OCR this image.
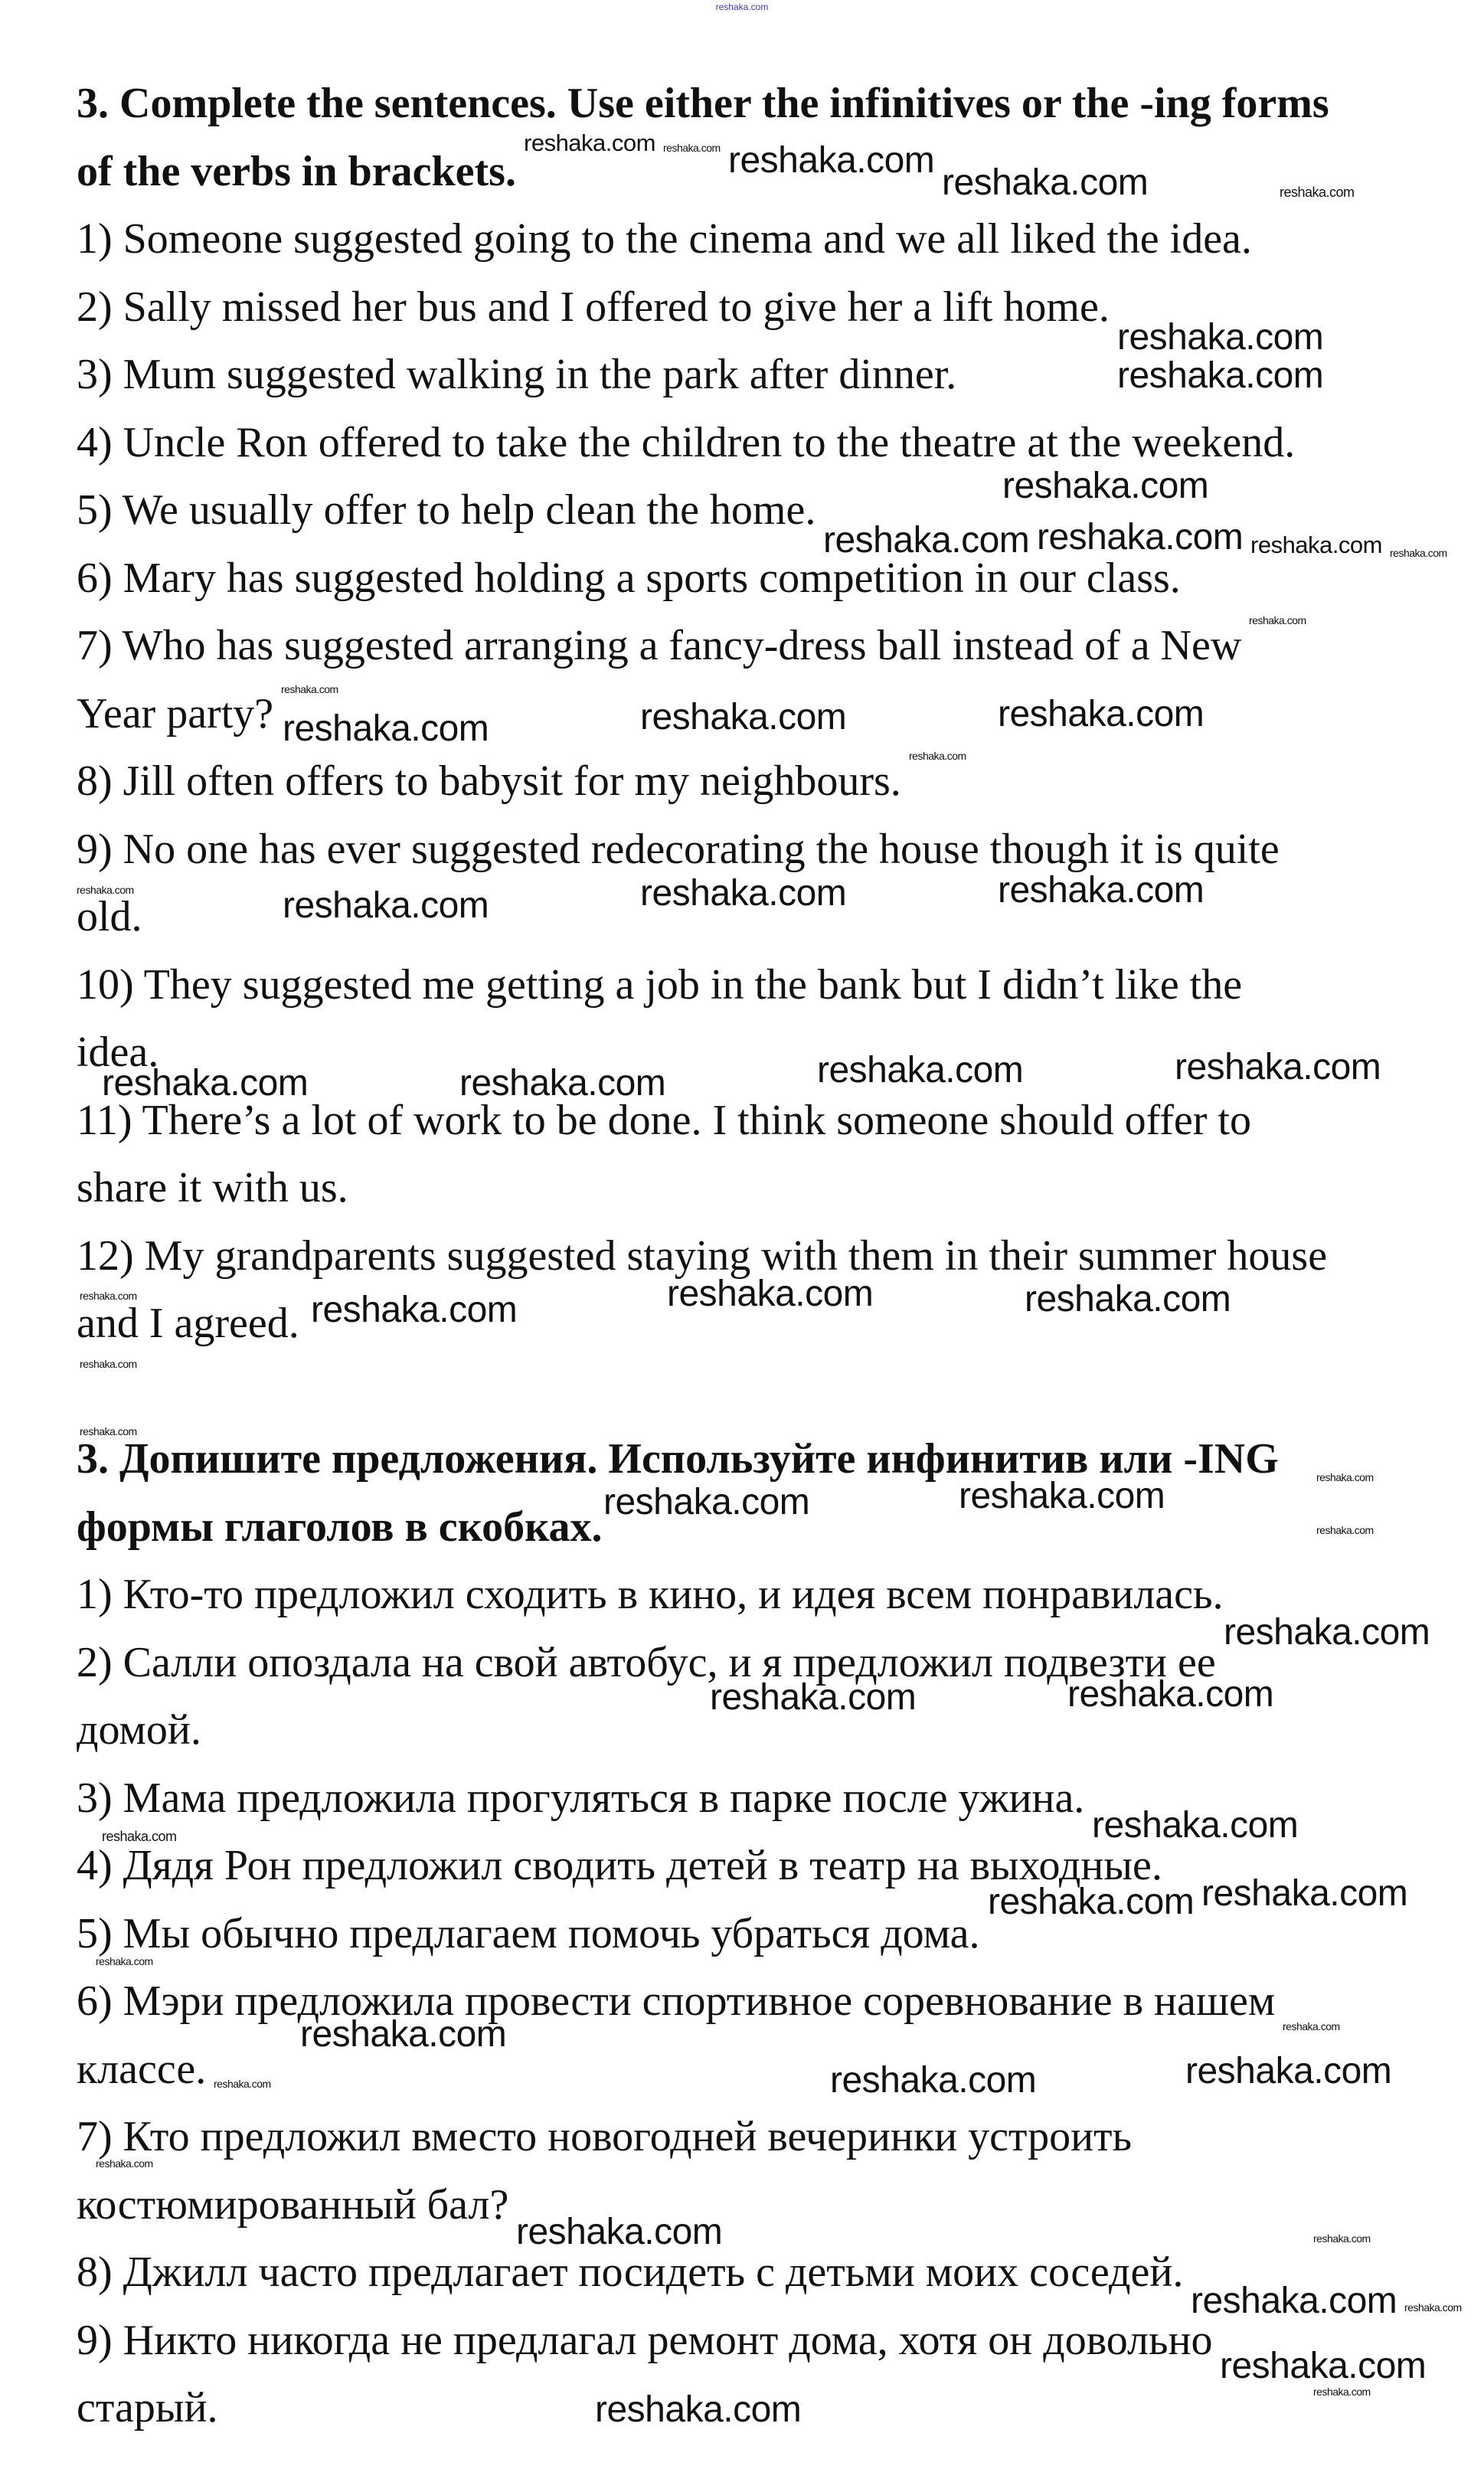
reshaka.com
3. Complete the sentences. Use either the infinitives or the -ing forms
of the verbs in brackets.
1) Someone suggested going to the cinema and we all liked the idea.
2) Sally missed her bus and I offered to give her a lift home.
3) Mum suggested walking in the park after dinner.
4) Uncle Ron offered to take the children to the theatre at the weekend.
5) We usually offer to help clean the home.
6) Mary has suggested holding a sports competition in our class.
7) Who has suggested arranging a fancy-dress ball instead of a New
Year party?
8) Jill often offers to babysit for my neighbours.
9) No one has ever suggested redecorating the house though it is quite
old.
10) They suggested me getting a job in the bank but I didn’t like the
idea.
11) There’s a lot of work to be done. I think someone should offer to
share it with us.
12) My grandparents suggested staying with them in their summer house
and I agreed.
3. Допишите предложения. Используйте инфинитив или -ING
формы глаголов в скобках.
1) Кто-то предложил сходить в кино, и идея всем понравилась.
2) Салли опоздала на свой автобус, и я предложил подвезти ее
домой.
3) Мама предложила прогуляться в парке после ужина.
4) Дядя Рон предложил сводить детей в театр на выходные.
5) Мы обычно предлагаем помочь убраться дома.
6) Мэри предложила провести спортивное соревнование в нашем
классе.
7) Кто предложил вместо новогодней вечеринки устроить
костюмированный бал?
8) Джилл часто предлагает посидеть с детьми моих соседей.
9) Никто никогда не предлагал ремонт дома, хотя он довольно
старый.
reshaka.com reshaka.com reshaka.com
reshaka.com	reshaka.com
reshaka.com
reshaka.com
reshaka.com
reshaka.com reshaka.com reshaka.com reshaka.com
reshaka.com
reshaka.com
reshaka.com
reshaka.com
reshaka.com	reshaka.com	reshaka.com
reshaka.com	reshaka.com	reshaka.com
reshaka.com	reshaka.com	reshaka.com	reshaka.com
reshaka.com	reshaka.com	reshaka.com	reshaka.com
reshaka.com
reshaka.com
reshaka.com	reshaka.com	reshaka.com
reshaka.com
reshaka.com
reshaka.com	reshaka.com
reshaka.com	reshaka.com
reshaka.com reshaka.com
reshaka.com
reshaka.com
reshaka.com
reshaka.com	reshaka.com
reshaka.com
reshaka.com
reshaka.com	reshaka.com
reshaka.com reshaka.com
reshaka.com
reshaka.com	reshaka.com
